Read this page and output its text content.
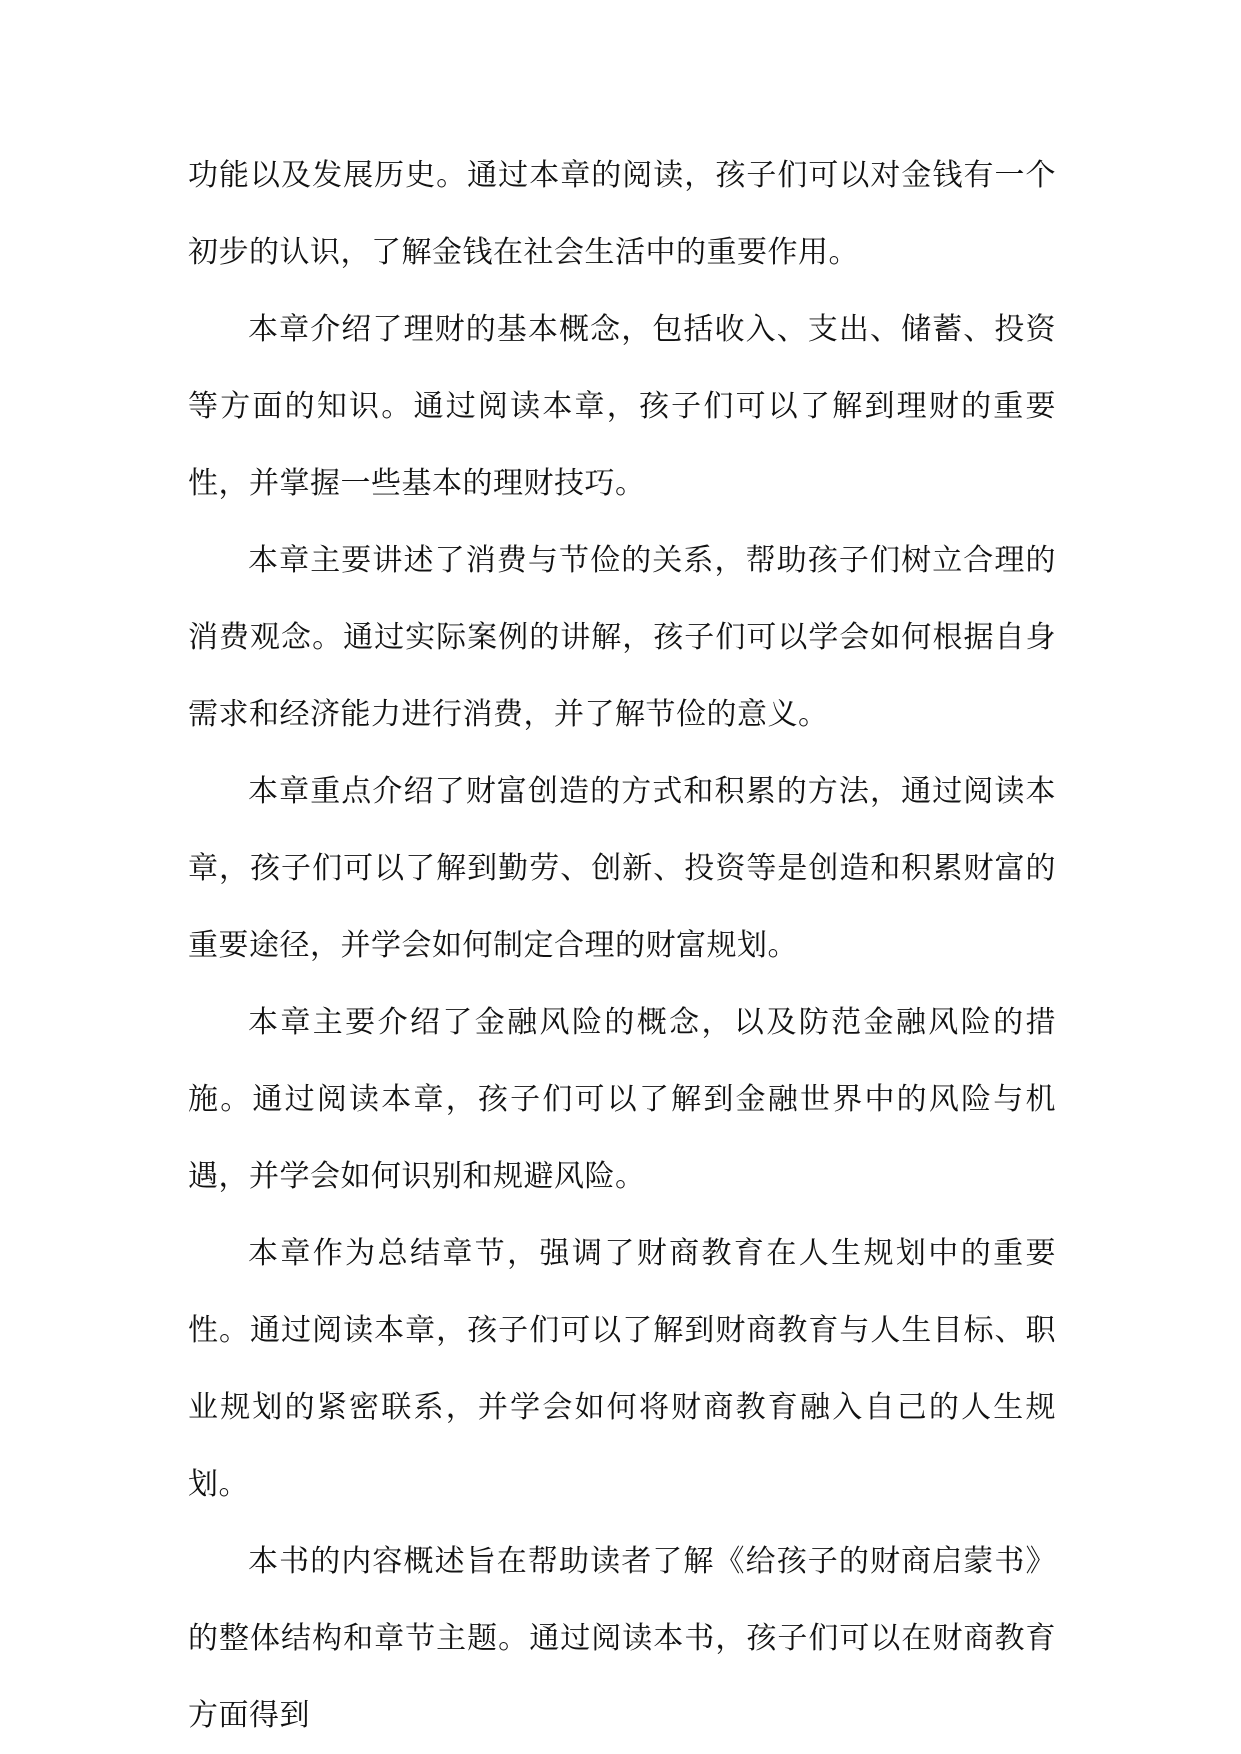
功能以及发展历史。通过本章的阅读，孩子们可以对金钱有一个初步的认识，了解金钱在社会生活中的重要作用。

本章介绍了理财的基本概念，包括收入、支出、储蓄、投资等方面的知识。通过阅读本章，孩子们可以了解到理财的重要性，并掌握一些基本的理财技巧。

本章主要讲述了消费与节俭的关系，帮助孩子们树立合理的消费观念。通过实际案例的讲解，孩子们可以学会如何根据自身需求和经济能力进行消费，并了解节俭的意义。

本章重点介绍了财富创造的方式和积累的方法，通过阅读本章，孩子们可以了解到勤劳、创新、投资等是创造和积累财富的重要途径，并学会如何制定合理的财富规划。

本章主要介绍了金融风险的概念，以及防范金融风险的措施。通过阅读本章，孩子们可以了解到金融世界中的风险与机遇，并学会如何识别和规避风险。

本章作为总结章节，强调了财商教育在人生规划中的重要性。通过阅读本章，孩子们可以了解到财商教育与人生目标、职业规划的紧密联系，并学会如何将财商教育融入自己的人生规划。

本书的内容概述旨在帮助读者了解《给孩子的财商启蒙书》的整体结构和章节主题。通过阅读本书，孩子们可以在财商教育方面得到
